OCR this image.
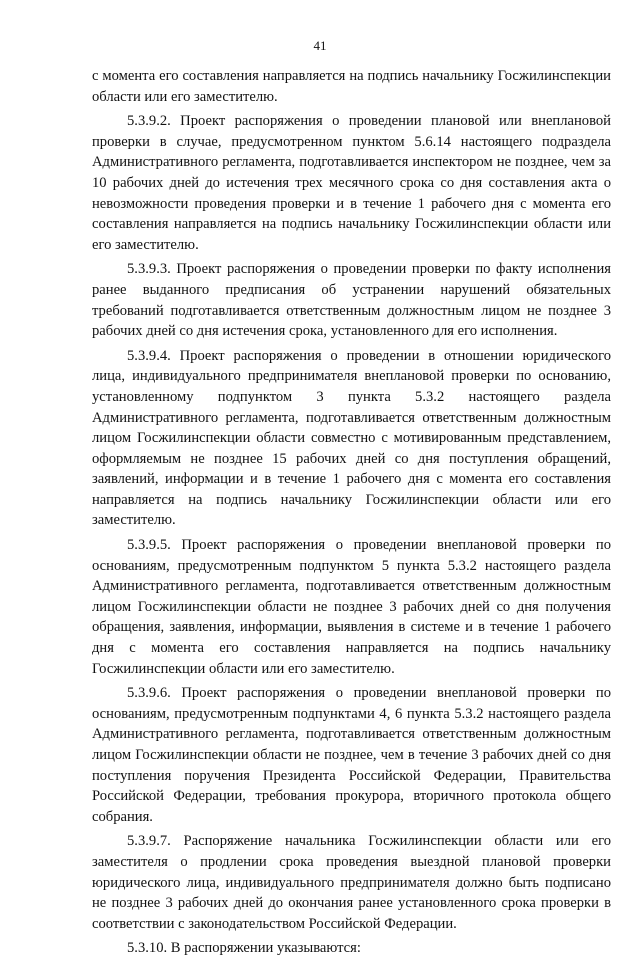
41

с момента его составления направляется на подпись начальнику Госжилинспекции области или его заместителю.

5.3.9.2. Проект распоряжения о проведении плановой или внеплановой проверки в случае, предусмотренном пунктом 5.6.14 настоящего подраздела Административного регламента, подготавливается инспектором не позднее, чем за 10 рабочих дней до истечения трех месячного срока со дня составления акта о невозможности проведения проверки и в течение 1 рабочего дня с момента его составления направляется на подпись начальнику Госжилинспекции области или его заместителю.

5.3.9.3. Проект распоряжения о проведении проверки по факту исполнения ранее выданного предписания об устранении нарушений обязательных требований подготавливается ответственным должностным лицом не позднее 3 рабочих дней со дня истечения срока, установленного для его исполнения.

5.3.9.4. Проект распоряжения о проведении в отношении юридического лица, индивидуального предпринимателя внеплановой проверки по основанию, установленному подпунктом 3 пункта 5.3.2 настоящего раздела Административного регламента, подготавливается ответственным должностным лицом Госжилинспекции области совместно с мотивированным представлением, оформляемым не позднее 15 рабочих дней со дня поступления обращений, заявлений, информации и в течение 1 рабочего дня с момента его составления направляется на подпись начальнику Госжилинспекции области или его заместителю.

5.3.9.5. Проект распоряжения о проведении внеплановой проверки по основаниям, предусмотренным подпунктом 5 пункта 5.3.2 настоящего раздела Административного регламента, подготавливается ответственным должностным лицом Госжилинспекции области не позднее 3 рабочих дней со дня получения обращения, заявления, информации, выявления в системе и в течение 1 рабочего дня с момента его составления направляется на подпись начальнику Госжилинспекции области или его заместителю.

5.3.9.6. Проект распоряжения о проведении внеплановой проверки по основаниям, предусмотренным подпунктами 4, 6 пункта 5.3.2 настоящего раздела Административного регламента, подготавливается ответственным должностным лицом Госжилинспекции области не позднее, чем в течение 3 рабочих дней со дня поступления поручения Президента Российской Федерации, Правительства Российской Федерации, требования прокурора, вторичного протокола общего собрания.

5.3.9.7. Распоряжение начальника Госжилинспекции области или его заместителя о продлении срока проведения выездной плановой проверки юридического лица, индивидуального предпринимателя должно быть подписано не позднее 3 рабочих дней до окончания ранее установленного срока проверки в соответствии с законодательством Российской Федерации.

5.3.10. В распоряжении указываются:
